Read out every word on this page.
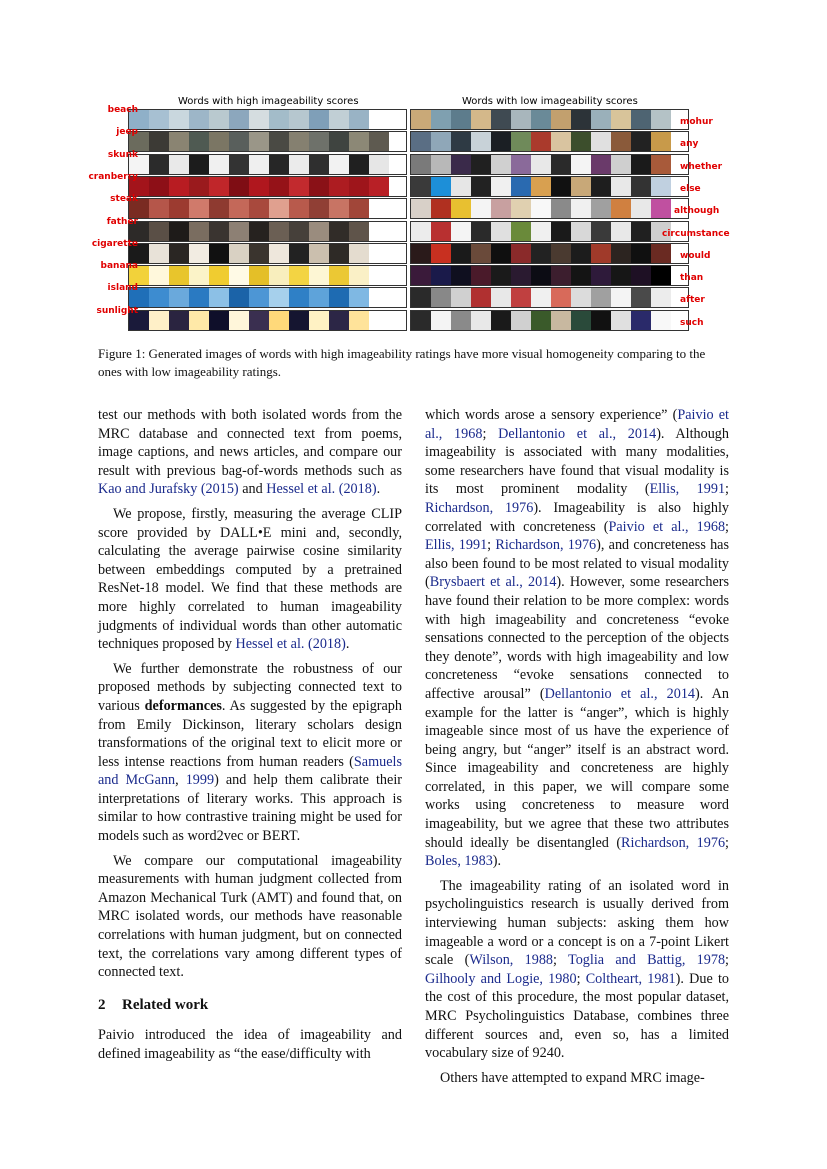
Words with high imageability scores	Words with low imageability scores
beach
mohur
jeep
any
skunk
whether
cranberry
else
steak
although
father
circumstance
cigarette
would
banana
than
island
after
sunlight
such
Figure 1: Generated images of words with high imageability ratings have more visual homogeneity comparing to the ones with low imageability ratings.

test our methods with both isolated words from the MRC database and connected text from poems, image captions, and news articles, and compare our result with previous bag-of-words methods such as Kao and Jurafsky (2015) and Hessel et al. (2018).

We propose, firstly, measuring the average CLIP score provided by DALL•E mini and, secondly, calculating the average pairwise cosine similarity between embeddings computed by a pretrained ResNet-18 model. We find that these methods are more highly correlated to human imageability judgments of individual words than other automatic techniques proposed by Hessel et al. (2018).

We further demonstrate the robustness of our proposed methods by subjecting connected text to various deformances. As suggested by the epigraph from Emily Dickinson, literary scholars design transformations of the original text to elicit more or less intense reactions from human readers (Samuels and McGann, 1999) and help them calibrate their interpretations of literary works. This approach is similar to how contrastive training might be used for models such as word2vec or BERT.

We compare our computational imageability measurements with human judgment collected from Amazon Mechanical Turk (AMT) and found that, on MRC isolated words, our methods have reasonable correlations with human judgment, but on connected text, the correlations vary among different types of connected text.

2 Related work

Paivio introduced the idea of imageability and defined imageability as “the ease/difficulty with

which words arose a sensory experience” (Paivio et al., 1968; Dellantonio et al., 2014). Although imageability is associated with many modalities, some researchers have found that visual modality is its most prominent modality (Ellis, 1991; Richardson, 1976). Imageability is also highly correlated with concreteness (Paivio et al., 1968; Ellis, 1991; Richardson, 1976), and concreteness has also been found to be most related to visual modality (Brysbaert et al., 2014). However, some researchers have found their relation to be more complex: words with high imageability and concreteness “evoke sensations connected to the perception of the objects they denote”, words with high imageability and low concreteness “evoke sensations connected to affective arousal” (Dellantonio et al., 2014). An example for the latter is “anger”, which is highly imageable since most of us have the experience of being angry, but “anger” itself is an abstract word. Since imageability and concreteness are highly correlated, in this paper, we will compare some works using concreteness to measure word imageability, but we agree that these two attributes should ideally be disentangled (Richardson, 1976; Boles, 1983).

The imageability rating of an isolated word in psycholinguistics research is usually derived from interviewing human subjects: asking them how imageable a word or a concept is on a 7-point Likert scale (Wilson, 1988; Toglia and Battig, 1978; Gilhooly and Logie, 1980; Coltheart, 1981). Due to the cost of this procedure, the most popular dataset, MRC Psycholinguistics Database, combines three different sources and, even so, has a limited vocabulary size of 9240.

Others have attempted to expand MRC image-
